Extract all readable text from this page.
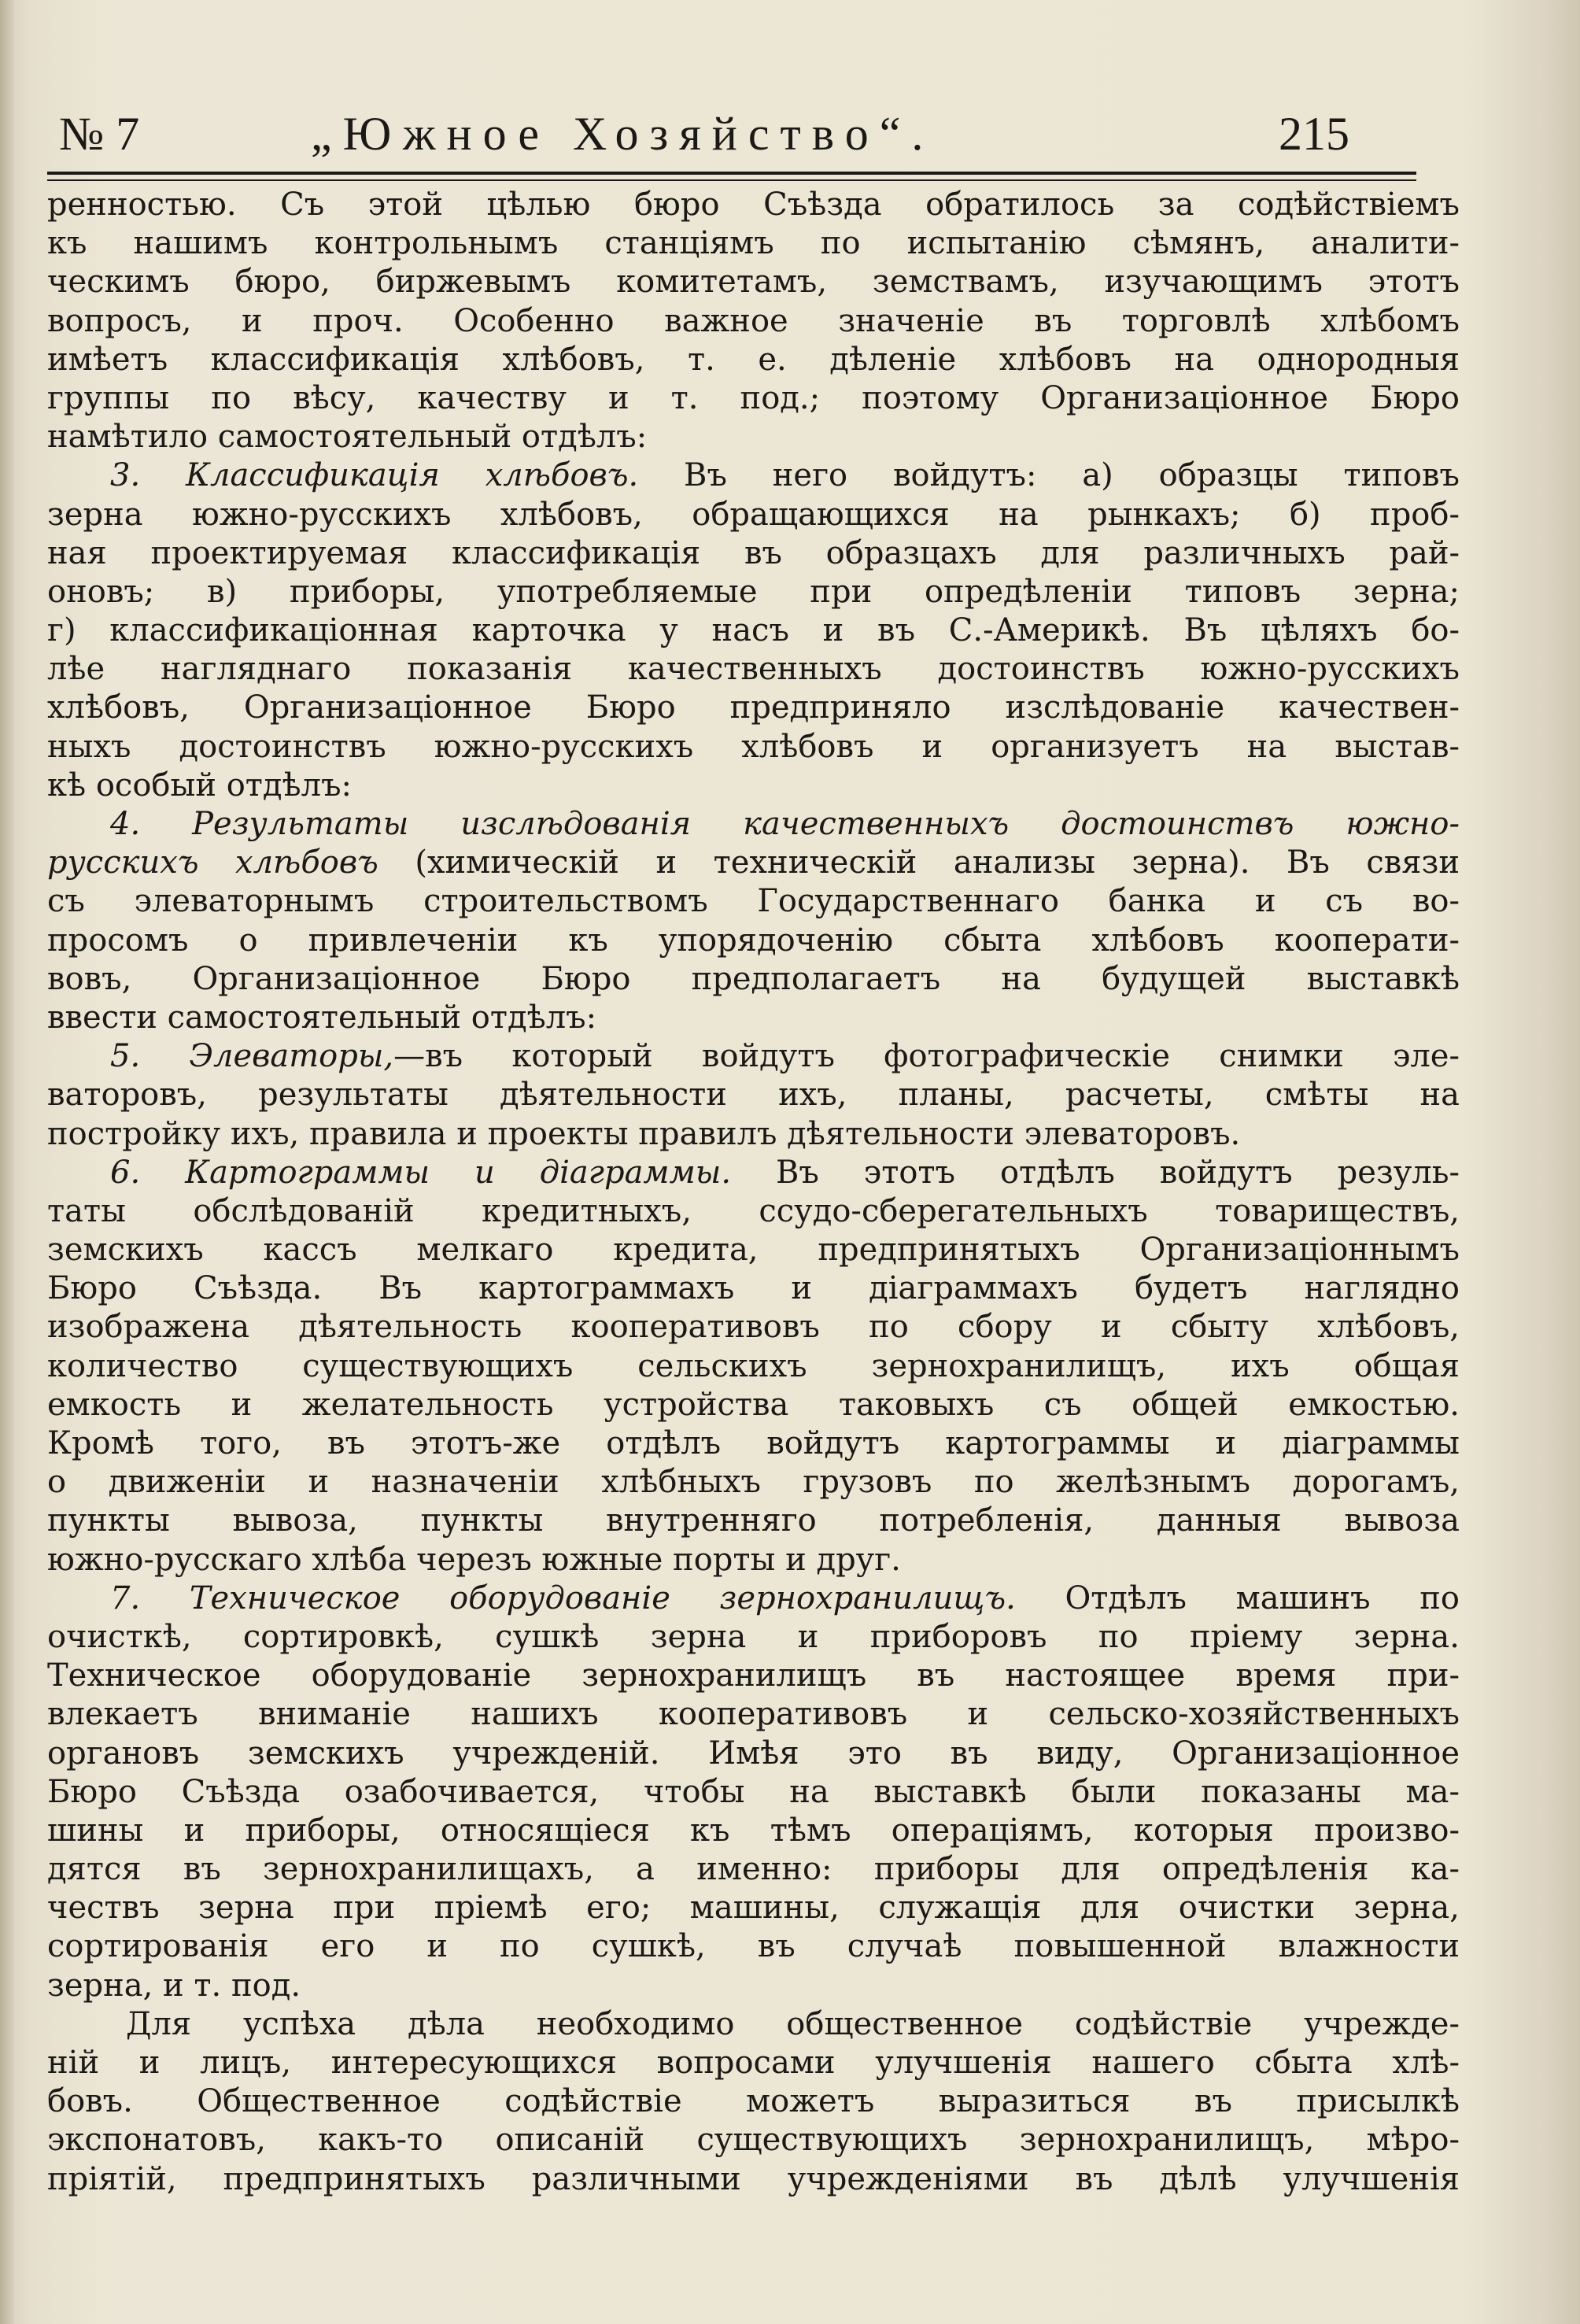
№ 7	„Южное Хозяйство“.	215
ренностью. Съ этой цѣлью бюро Съѣзда обратилось за содѣйствіемъ
къ нашимъ контрольнымъ станціямъ по испытанію сѣмянъ, аналити-
ческимъ бюро, биржевымъ комитетамъ, земствамъ, изучающимъ этотъ
вопросъ, и проч. Особенно важное значеніе въ торговлѣ хлѣбомъ
имѣетъ классификація хлѣбовъ, т. е. дѣленіе хлѣбовъ на однородныя
группы по вѣсу, качеству и т. под.; поэтому Организаціонное Бюро
намѣтило самостоятельный отдѣлъ:
3. Классификація хлѣбовъ. Въ него войдутъ: а) образцы типовъ
зерна южно-русскихъ хлѣбовъ, обращающихся на рынкахъ; б) проб-
ная проектируемая классификація въ образцахъ для различныхъ рай-
оновъ; в) приборы, употребляемые при опредѣленіи типовъ зерна;
г) классификаціонная карточка у насъ и въ С.-Америкѣ. Въ цѣляхъ бо-
лѣе нагляднаго показанія качественныхъ достоинствъ южно-русскихъ
хлѣбовъ, Организаціонное Бюро предприняло изслѣдованіе качествен-
ныхъ достоинствъ южно-русскихъ хлѣбовъ и организуетъ на выстав-
кѣ особый отдѣлъ:
4. Результаты изслѣдованія качественныхъ достоинствъ южно-
русскихъ хлѣбовъ (химическій и техническій анализы зерна). Въ связи
съ элеваторнымъ строительствомъ Государственнаго банка и съ во-
просомъ о привлеченіи къ упорядоченію сбыта хлѣбовъ кооперати-
вовъ, Организаціонное Бюро предполагаетъ на будущей выставкѣ
ввести самостоятельный отдѣлъ:
5. Элеваторы,—въ который войдутъ фотографическіе снимки эле-
ваторовъ, результаты дѣятельности ихъ, планы, расчеты, смѣты на
постройку ихъ, правила и проекты правилъ дѣятельности элеваторовъ.
6. Картограммы и діаграммы. Въ этотъ отдѣлъ войдутъ резуль-
таты обслѣдованій кредитныхъ, ссудо-сберегательныхъ товариществъ,
земскихъ кассъ мелкаго кредита, предпринятыхъ Организаціоннымъ
Бюро Съѣзда. Въ картограммахъ и діаграммахъ будетъ наглядно
изображена дѣятельность кооперативовъ по сбору и сбыту хлѣбовъ,
количество существующихъ сельскихъ зернохранилищъ, ихъ общая
емкость и желательность устройства таковыхъ съ общей емкостью.
Кромѣ того, въ этотъ-же отдѣлъ войдутъ картограммы и діаграммы
о движеніи и назначеніи хлѣбныхъ грузовъ по желѣзнымъ дорогамъ,
пункты вывоза, пункты внутренняго потребленія, данныя вывоза
южно-русскаго хлѣба черезъ южные порты и друг.
7. Техническое оборудованіе зернохранилищъ. Отдѣлъ машинъ по
очисткѣ, сортировкѣ, сушкѣ зерна и приборовъ по пріему зерна.
Техническое оборудованіе зернохранилищъ въ настоящее время при-
влекаетъ вниманіе нашихъ кооперативовъ и сельско-хозяйственныхъ
органовъ земскихъ учрежденій. Имѣя это въ виду, Организаціонное
Бюро Съѣзда озабочивается, чтобы на выставкѣ были показаны ма-
шины и приборы, относящіеся къ тѣмъ операціямъ, которыя произво-
дятся въ зернохранилищахъ, а именно: приборы для опредѣленія ка-
чествъ зерна при пріемѣ его; машины, служащія для очистки зерна,
сортированія его и по сушкѣ, въ случаѣ повышенной влажности
зерна, и т. под.
Для успѣха дѣла необходимо общественное содѣйствіе учрежде-
ній и лицъ, интересующихся вопросами улучшенія нашего сбыта хлѣ-
бовъ. Общественное содѣйствіе можетъ выразиться въ присылкѣ
экспонатовъ, какъ-то описаній существующихъ зернохранилищъ, мѣро-
пріятій, предпринятыхъ различными учрежденіями въ дѣлѣ улучшенія
